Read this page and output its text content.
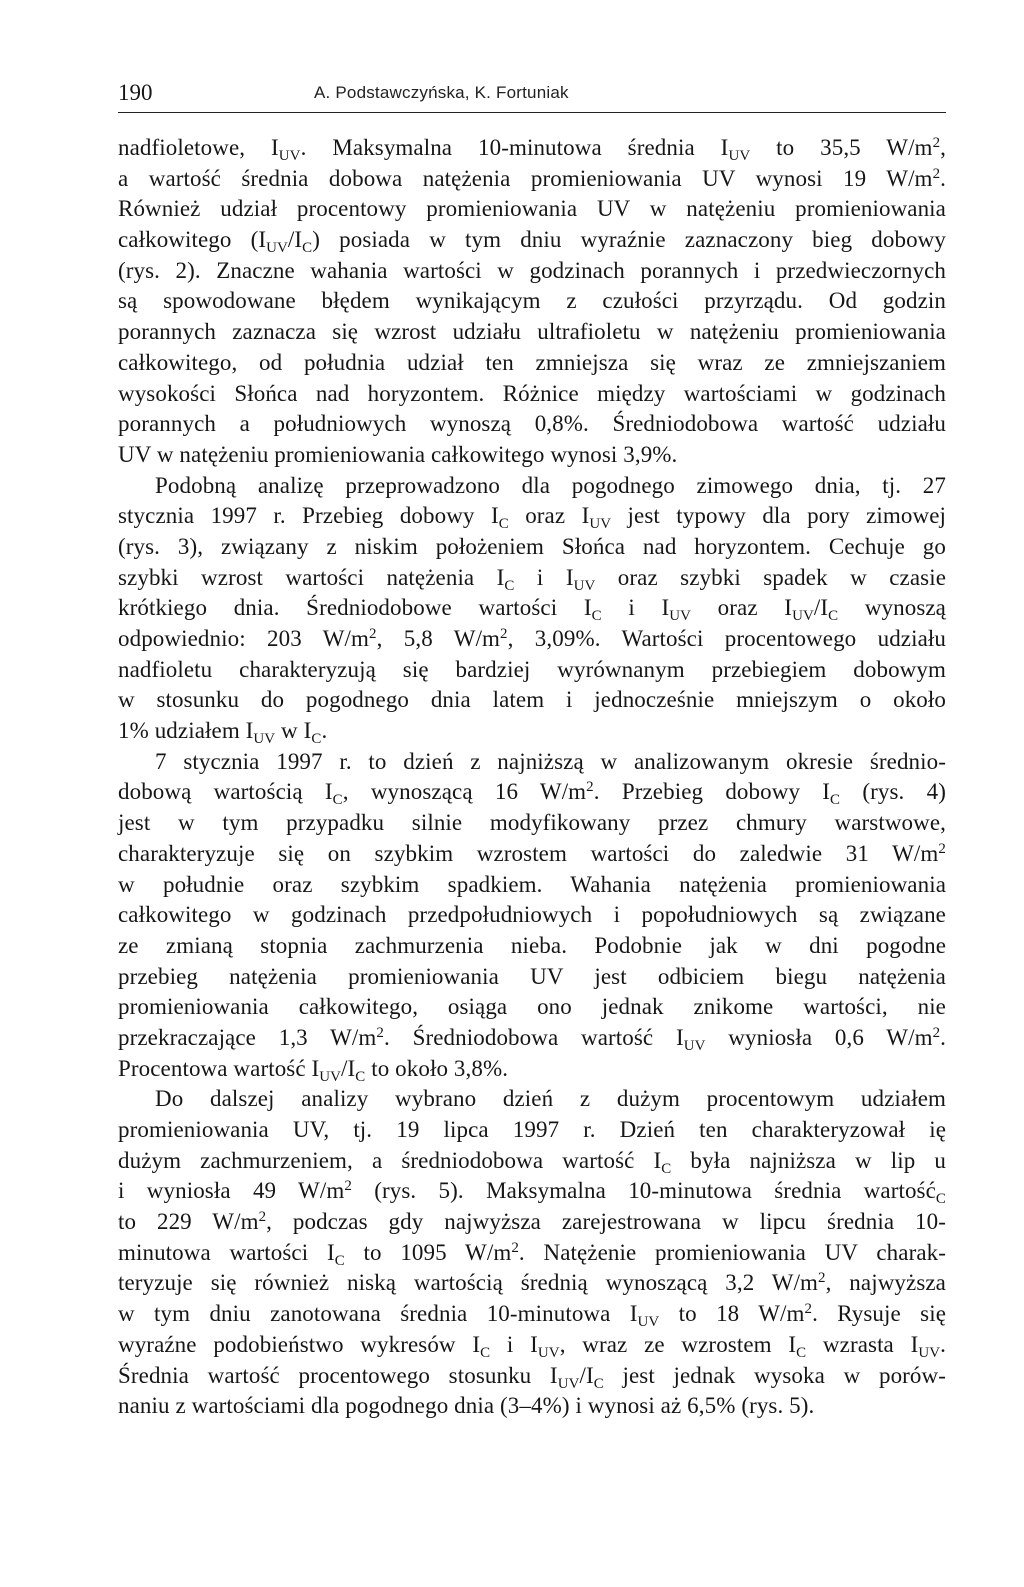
190	A. Podstawczyńska, K. Fortuniak
nadfioletowe, $I_{UV}$. Maksymalna 10-minutowa średnia $I_{UV}$ to 35,5 $W/m^2$,
a wartość średnia dobowa natężenia promieniowania UV wynosi 19 $W/m^2$.
Również udział procentowy promieniowania UV w natężeniu promieniowania
całkowitego $(I_{UV}/I_C)$ posiada w tym dniu wyraźnie zaznaczony bieg dobowy
(rys. 2). Znaczne wahania wartości w godzinach porannych i przedwieczornych
są spowodowane błędem wynikającym z czułości przyrządu. Od godzin
porannych zaznacza się wzrost udziału ultrafioletu w natężeniu promieniowania
całkowitego, od południa udział ten zmniejsza się wraz ze zmniejszaniem
wysokości Słońca nad horyzontem. Różnice między wartościami w godzinach
porannych a południowych wynoszą 0,8%. Średniodobowa wartość udziału
UV w natężeniu promieniowania całkowitego wynosi 3,9%.
Podobną analizę przeprowadzono dla pogodnego zimowego dnia, tj. 27
stycznia 1997 r. Przebieg dobowy $I_C$ oraz $I_{UV}$ jest typowy dla pory zimowej
(rys. 3), związany z niskim położeniem Słońca nad horyzontem. Cechuje go
szybki wzrost wartości natężenia $I_C$ i $I_{UV}$ oraz szybki spadek w czasie
krótkiego dnia. Średniodobowe wartości $I_C$ i $I_{UV}$ oraz $I_{UV}/I_C$ wynoszą
odpowiednio: 203 $W/m^2$, 5,8 $W/m^2$, 3,09%. Wartości procentowego udziału
nadfioletu charakteryzują się bardziej wyrównanym przebiegiem dobowym
w stosunku do pogodnego dnia latem i jednocześnie mniejszym o około
1% udziałem $I_{UV}$ w $I_C$.
7 stycznia 1997 r. to dzień z najniższą w analizowanym okresie średnio-
dobową wartością $I_C$, wynoszącą 16 $W/m^2$. Przebieg dobowy $I_C$ (rys. 4)
jest w tym przypadku silnie modyfikowany przez chmury warstwowe,
charakteryzuje się on szybkim wzrostem wartości do zaledwie 31 $W/m^2$
w południe oraz szybkim spadkiem. Wahania natężenia promieniowania
całkowitego w godzinach przedpołudniowych i popołudniowych są związane
ze zmianą stopnia zachmurzenia nieba. Podobnie jak w dni pogodne
przebieg natężenia promieniowania UV jest odbiciem biegu natężenia
promieniowania całkowitego, osiąga ono jednak znikome wartości, nie
przekraczające 1,3 $W/m^2$. Średniodobowa wartość $I_{UV}$ wyniosła 0,6 $W/m^2$.
Procentowa wartość $I_{UV}/I_C$ to około 3,8%.
Do dalszej analizy wybrano dzień z dużym procentowym udziałem
promieniowania UV, tj. 19 lipca 1997 r. Dzień ten charakteryzował ię
dużym zachmurzeniem, a średniodobowa wartość $I_C$ była najniższa w lip u
i wyniosła 49 $W/m^2$ (rys. 5). Maksymalna 10-minutowa średnia wartość$_C$
to 229 $W/m^2$, podczas gdy najwyższa zarejestrowana w lipcu średnia 10-
minutowa wartości $I_C$ to 1095 $W/m^2$. Natężenie promieniowania UV charak-
teryzuje się również niską wartością średnią wynoszącą 3,2 $W/m^2$, najwyższa
w tym dniu zanotowana średnia 10-minutowa $I_{UV}$ to 18 $W/m^2$. Rysuje się
wyraźne podobieństwo wykresów $I_C$ i $I_{UV}$, wraz ze wzrostem $I_C$ wzrasta $I_{UV}$.
Średnia wartość procentowego stosunku $I_{UV}/I_C$ jest jednak wysoka w porów-
naniu z wartościami dla pogodnego dnia (3–4%) i wynosi aż 6,5% (rys. 5).
